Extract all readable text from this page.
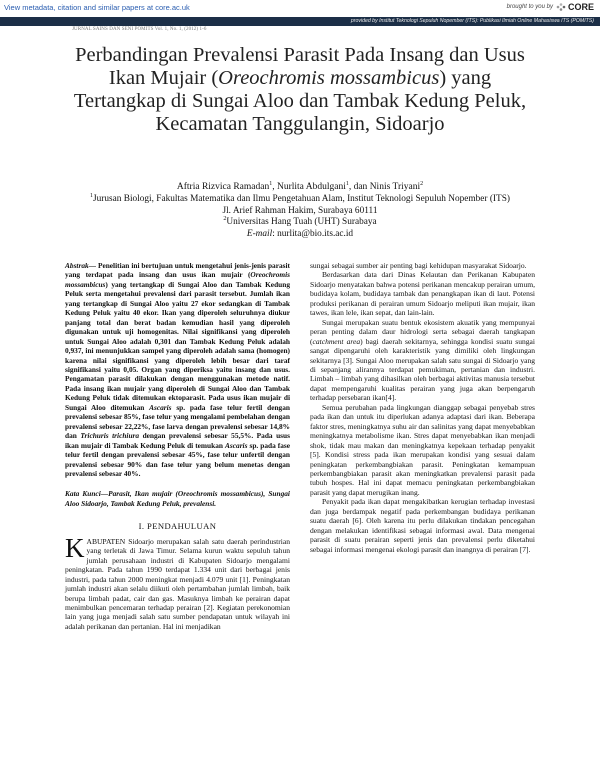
View metadata, citation and similar papers at core.ac.uk	brought to you by CORE
provided by Institut Teknologi Sepuluh Nopember (ITS): Publikasi Ilmiah Online Mahasiswa ITS (POMITS)
JURNAL SAINS DAN SENI POMITS Vol. 1, No. 1, (2012) 1-6
Perbandingan Prevalensi Parasit Pada Insang dan Usus Ikan Mujair (Oreochromis mossambicus) yang Tertangkap di Sungai Aloo dan Tambak Kedung Peluk, Kecamatan Tanggulangin, Sidoarjo
Aftria Rizvica Ramadan$^1$, Nurlita Abdulgani$^1$, dan Ninis Triyani$^2$
$^1$Jurusan Biologi, Fakultas Matematika dan Ilmu Pengetahuan Alam, Institut Teknologi Sepuluh Nopember (ITS)
Jl. Arief Rahman Hakim, Surabaya 60111
$^2$Universitas Hang Tuah (UHT) Surabaya
E-mail: nurlita@bio.its.ac.id

Abstrak— Penelitian ini bertujuan untuk mengetahui jenis-jenis parasit yang terdapat pada insang dan usus ikan mujair (Oreochromis mossambicus) yang tertangkap di Sungai Aloo dan Tambak Kedung Peluk serta mengetahui prevalensi dari parasit tersebut. Jumlah ikan yang tertangkap di Sungai Aloo yaitu 27 ekor sedangkan di Tambak Kedung Peluk yaitu 40 ekor. Ikan yang diperoleh seluruhnya diukur panjang total dan berat badan kemudian hasil yang diperoleh digunakan untuk uji homogenitas. Nilai signifikansi yang diperoleh untuk Sungai Aloo adalah 0,301 dan Tambak Kedung Peluk adalah 0,937, ini menunjukkan sampel yang diperoleh adalah sama (homogen) karena nilai signifikansi yang diperoleh lebih besar dari taraf signifikansi yaitu 0,05. Organ yang diperiksa yaitu insang dan usus. Pengamatan parasit dilakukan dengan menggunakan metode natif. Pada insang ikan mujair yang diperoleh di Sungai Aloo dan Tambak Kedung Peluk tidak ditemukan ektoparasit. Pada usus ikan mujair di Sungai Aloo ditemukan Ascaris sp. pada fase telur fertil dengan prevalensi sebesar 85%, fase telur yang mengalami pembelahan dengan prevalensi sebesar 22,22%, fase larva dengan prevalensi sebesar 14,8% dan Trichuris trichiura dengan prevalensi sebesar 55,5%. Pada usus ikan mujair di Tambak Kedung Peluk di temukan Ascaris sp. pada fase telur fertil dengan prevalensi sebesar 45%, fase telur unfertil dengan prevalensi sebesar 90% dan fase telur yang belum menetas dengan prevalensi sebesar 40%.

Kata Kunci—Parasit, Ikan mujair (Oreochromis mossambicus), Sungai Aloo Sidoarjo, Tambak Kedung Peluk, prevalensi.

I. PENDAHULUAN

KABUPATEN Sidoarjo merupakan salah satu daerah perindustrian yang terletak di Jawa Timur. Selama kurun waktu sepuluh tahun jumlah perusahaan industri di Kabupaten Sidoarjo mengalami peningkatan. Pada tahun 1990 terdapat 1.334 unit dari berbagai jenis industri, pada tahun 2000 meningkat menjadi 4.079 unit [1]. Peningkatan jumlah industri akan selalu diikuti oleh pertambahan jumlah limbah, baik berupa limbah padat, cair dan gas. Masuknya limbah ke perairan dapat menimbulkan pencemaran terhadap perairan [2]. Kegiatan perekonomian lain yang juga menjadi salah satu sumber pendapatan untuk wilayah ini adalah perikanan dan pertanian. Hal ini menjadikan

sungai sebagai sumber air penting bagi kehidupan masyarakat Sidoarjo.

Berdasarkan data dari Dinas Kelautan dan Perikanan Kabupaten Sidoarjo menyatakan bahwa potensi perikanan mencakup perairan umum, budidaya kolam, budidaya tambak dan penangkapan ikan di laut. Potensi produksi perikanan di perairan umum Sidoarjo meliputi ikan mujair, ikan tawes, ikan lele, ikan sepat, dan lain-lain.

Sungai merupakan suatu bentuk ekosistem akuatik yang mempunyai peran penting dalam daur hidrologi serta sebagai daerah tangkapan (catchment area) bagi daerah sekitarnya, sehingga kondisi suatu sungai sangat dipengaruhi oleh karakteristik yang dimiliki oleh lingkungan sekitarnya [3]. Sungai Aloo merupakan salah satu sungai di Sidoarjo yang di sepanjang alirannya terdapat pemukiman, pertanian dan industri. Limbah – limbah yang dihasilkan oleh berbagai aktivitas manusia tersebut dapat mempengaruhi kualitas perairan yang juga akan berpengaruh terhadap persebaran ikan[4].

Semua perubahan pada lingkungan dianggap sebagai penyebab stres pada ikan dan untuk itu diperlukan adanya adaptasi dari ikan. Beberapa faktor stres, meningkatnya suhu air dan salinitas yang dapat menyebabkan meningkatnya metabolisme ikan. Stres dapat menyebabkan ikan menjadi shok, tidak mau makan dan meningkatnya kepekaan terhadap penyakit [5]. Kondisi stress pada ikan merupakan kondisi yang sesuai dalam peningkatan perkembangbiakan parasit. Peningkatan kemampuan perkembangbiakan parasit akan meningkatkan prevalensi parasit pada tubuh hospes. Hal ini dapat memacu peningkatan perkembangbiakan parasit yang dapat merugikan inang.

Penyakit pada ikan dapat mengakibatkan kerugian terhadap investasi dan juga berdampak negatif pada perkembangan budidaya perikanan suatu daerah [6]. Oleh karena itu perlu dilakukan tindakan pencegahan dengan melakukan identifikasi sebagai informasi awal. Data mengenai parasit di suatu perairan seperti jenis dan prevalensi perlu diketahui sebagai informasi mengenai ekologi parasit dan inangnya di perairan [7].
